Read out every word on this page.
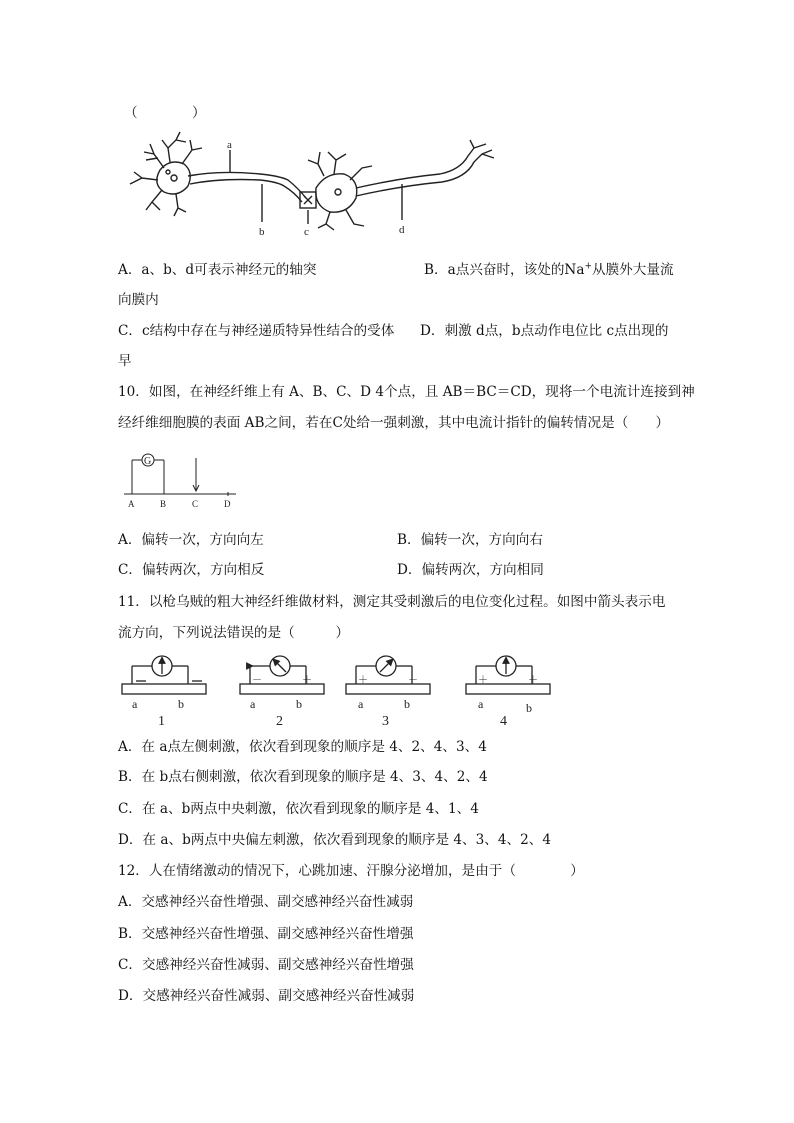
（　　　　）
a
b	c	d
A．a、b、d可表示神经元的轴突	B．a点兴奋时，该处的Na+从膜外大量流
向膜内
C．c结构中存在与神经递质特异性结合的受体 D．刺激 d点，b点动作电位比 c点出现的
早
10．如图，在神经纤维上有 A、B、C、D 4个点，且 AB＝BC＝CD，现将一个电流计连接到神
经纤维细胞膜的表面 AB之间，若在C处给一强刺激，其中电流计指针的偏转情况是（　　）
G
A	B	C	D
A．偏转一次，方向向左	B．偏转一次，方向向右
C．偏转两次，方向相反	D．偏转两次，方向相同
11．以枪乌贼的粗大神经纤维做材料，测定其受刺激后的电位变化过程。如图中箭头表示电
流方向，下列说法错误的是（　　　）
－	＋	＋	－	＋	＋
a	b
1
a	b
2
a	b
3
a	b
4
A．在 a点左侧刺激，依次看到现象的顺序是 4、2、4、3、4
B．在 b点右侧刺激，依次看到现象的顺序是 4、3、4、2、4
C．在 a、b两点中央刺激，依次看到现象的顺序是 4、1、4
D．在 a、b两点中央偏左刺激，依次看到现象的顺序是 4、3、4、2、4
12．人在情绪激动的情况下，心跳加速、汗腺分泌增加，是由于（　　　　）
A．交感神经兴奋性增强、副交感神经兴奋性减弱
B．交感神经兴奋性增强、副交感神经兴奋性增强
C．交感神经兴奋性减弱、副交感神经兴奋性增强
D．交感神经兴奋性减弱、副交感神经兴奋性减弱
